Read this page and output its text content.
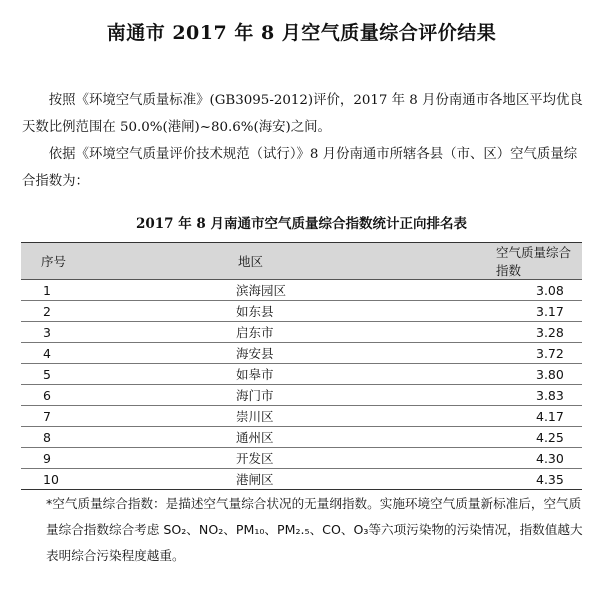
南通市 2017 年 8 月空气质量综合评价结果
按照《环境空气质量标准》(GB3095-2012)评价，2017 年 8 月份南通市各地区平均优良天数比例范围在 50.0%(港闸)~80.6%(海安)之间。
依据《环境空气质量评价技术规范（试行）》8 月份南通市所辖各县（市、区）空气质量综合指数为：
2017 年 8 月南通市空气质量综合指数统计正向排名表
序号	地区	空气质量综合指数
1	滨海园区	3.08
2	如东县	3.17
3	启东市	3.28
4	海安县	3.72
5	如皋市	3.80
6	海门市	3.83
7	崇川区	4.17
8	通州区	4.25
9	开发区	4.30
10	港闸区	4.35
*空气质量综合指数：是描述空气量综合状况的无量纲指数。实施环境空气质量新标准后，空气质量综合指数综合考虑 SO₂、NO₂、PM₁₀、PM₂.₅、CO、O₃等六项污染物的污染情况，指数值越大表明综合污染程度越重。
